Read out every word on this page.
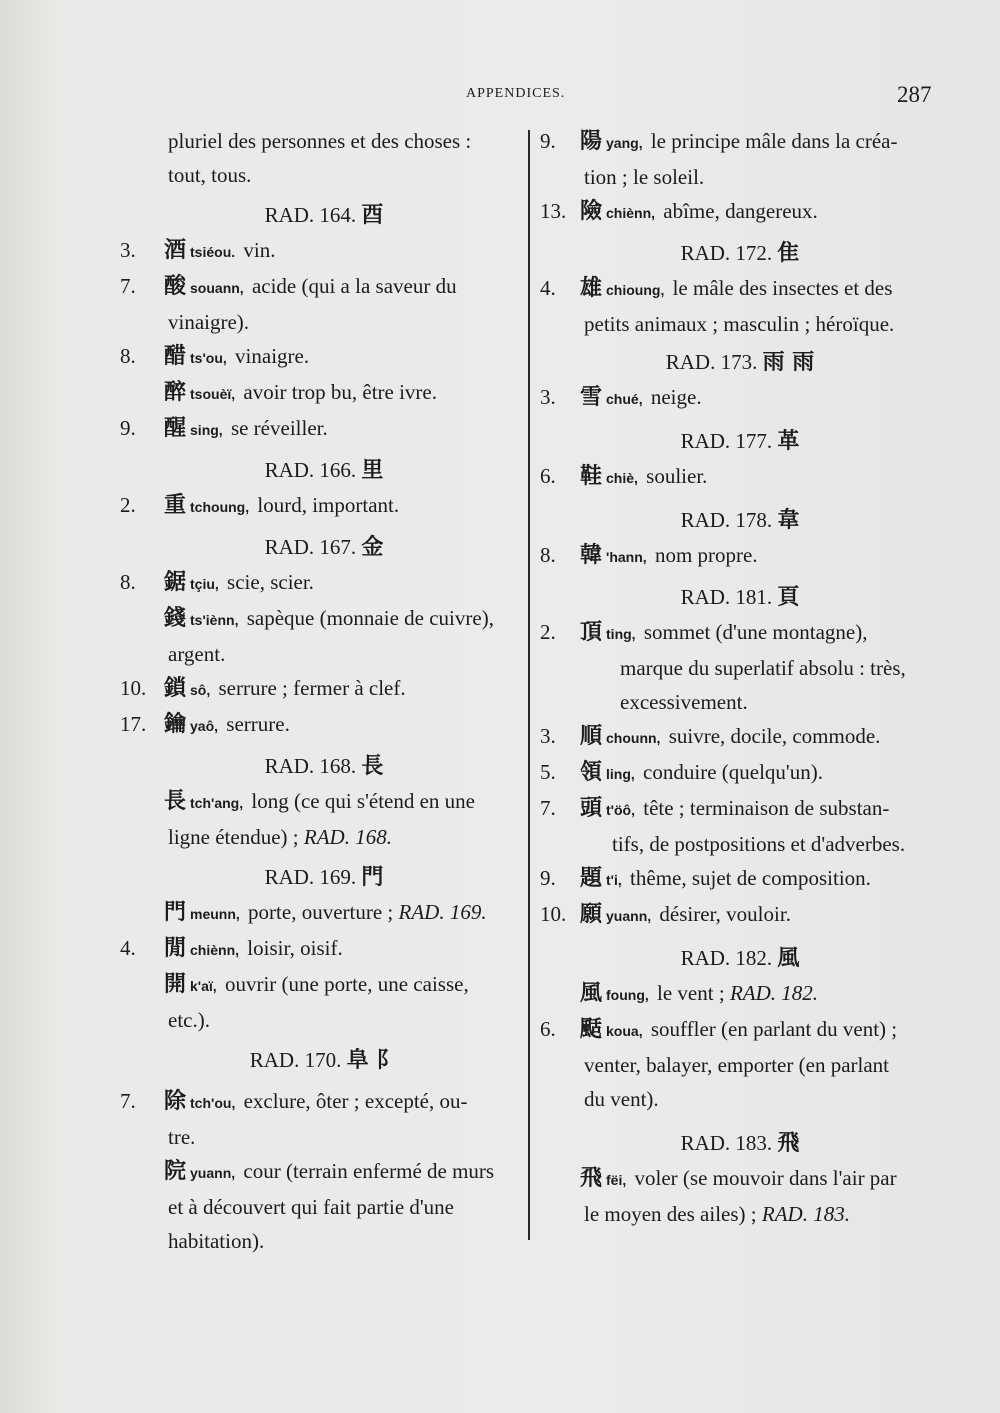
APPENDICES.	287
pluriel des personnes et des choses :
tout, tous.
RAD. 164. 酉
3.	酒tsiéou. vin.
7.	酸souann, acide (qui a la saveur du
vinaigre).
8.	醋ts'ou, vinaigre.
醉tsouèï, avoir trop bu, être ivre.
9.	醒sing, se réveiller.
RAD. 166. 里
2.	重tchoung, lourd, important.
RAD. 167. 金
8.	鋸tçiu, scie, scier.
錢ts'iènn, sapèque (monnaie de cuivre),
argent.
10. 鎖sô, serrure ; fermer à clef.
17. 鑰yaô, serrure.
RAD. 168. 長
長tch'ang, long (ce qui s'étend en une
ligne étendue) ; RAD. 168.
RAD. 169. 門
門meunn, porte, ouverture ; RAD. 169.
4.	閒chiènn, loisir, oisif.
開k'aï, ouvrir (une porte, une caisse,
etc.).
RAD. 170. 阜 阝
7.	除tch'ou, exclure, ôter ; excepté, ou-
tre.
院yuann, cour (terrain enfermé de murs
et à découvert qui fait partie d'une
habitation).
9.	陽yang, le principe mâle dans la créa-
tion ; le soleil.
13. 險chiènn, abîme, dangereux.
RAD. 172. 隹
4.	雄chioung, le mâle des insectes et des
petits animaux ; masculin ; héroïque.
RAD. 173. 雨 雨
3.	雪chué, neige.
RAD. 177. 革
6.	鞋chiè, soulier.
RAD. 178. 韋
8.	韓 'hann, nom propre.
RAD. 181. 頁
2.	頂ting, sommet (d'une montagne),
marque du superlatif absolu : très,
excessivement.
3.	順chounn, suivre, docile, commode.
5.	領ling, conduire (quelqu'un).
7.	頭t'öô, tête ; terminaison de substan-
tifs, de postpositions et d'adverbes.
9.	題t'i, thême, sujet de composition.
10. 願yuann, désirer, vouloir.
RAD. 182. 風
風foung, le vent ; RAD. 182.
6.	颳koua, souffler (en parlant du vent) ;
venter, balayer, emporter (en parlant
du vent).
RAD. 183. 飛
飛fëi, voler (se mouvoir dans l'air par
le moyen des ailes) ; RAD. 183.
